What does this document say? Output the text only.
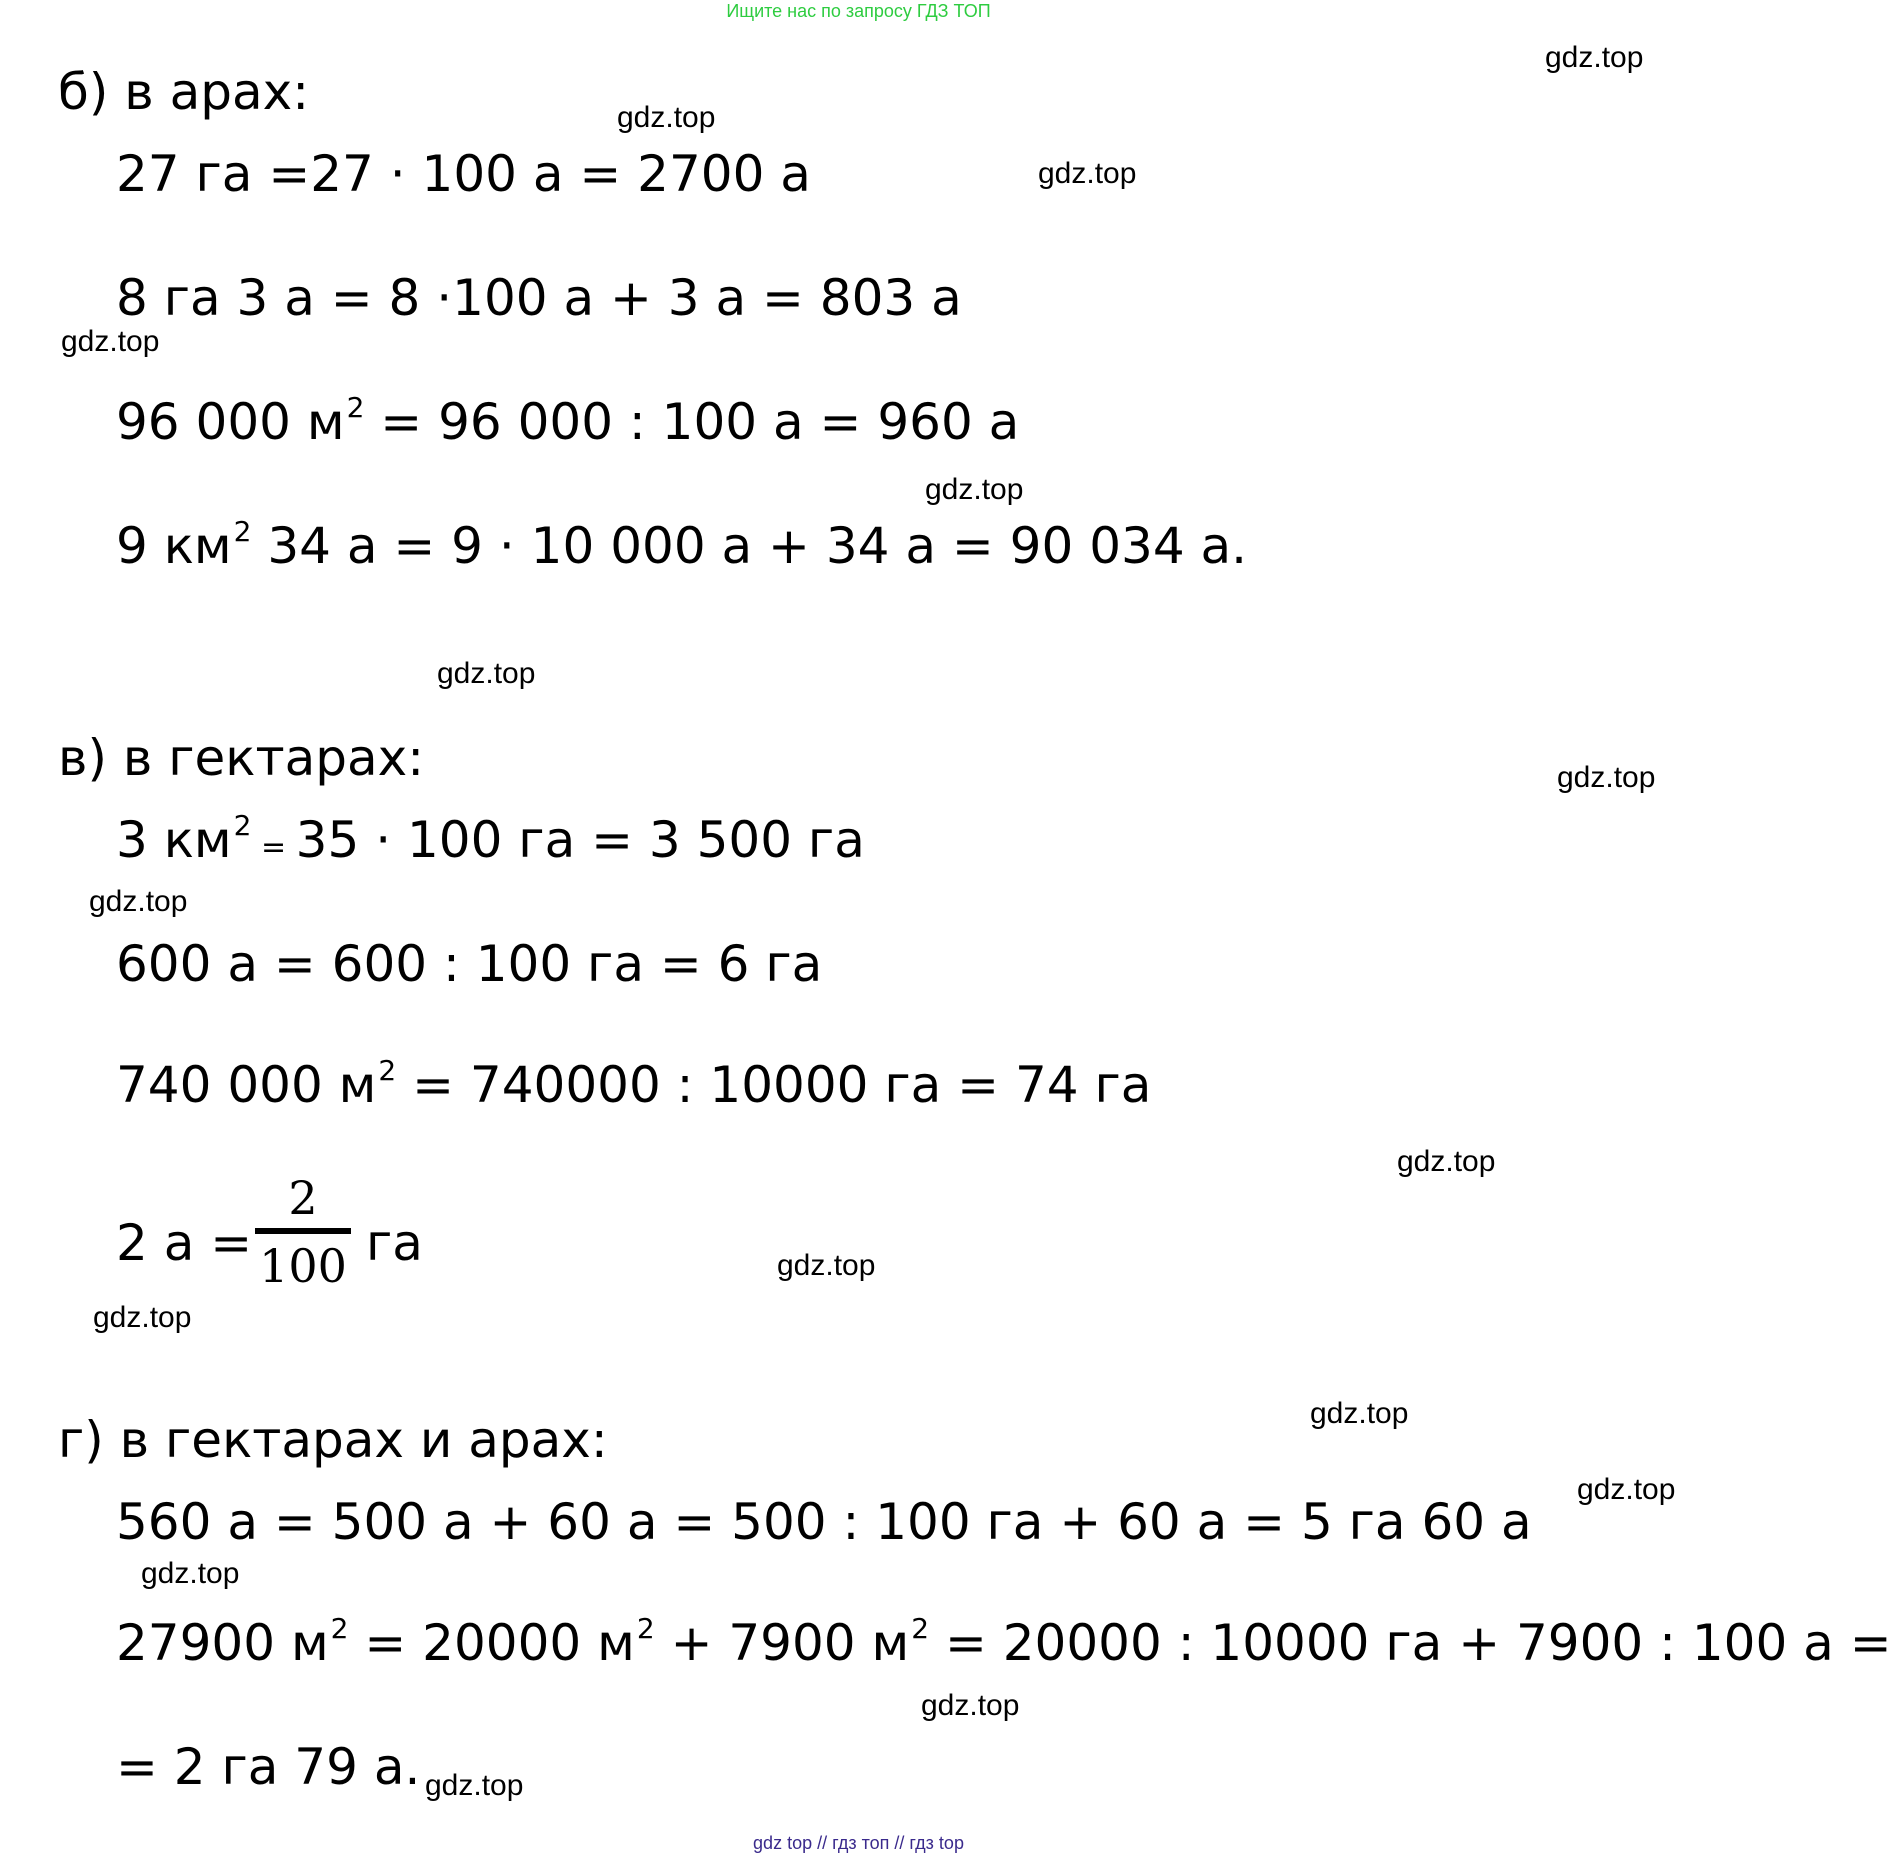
Ищите нас по запросу ГДЗ ТОП
б) в арах:
27 га =27 · 100 а = 2700 а
8 га 3 а = 8 ·100 а + 3 а = 803 а
96 000 $м^2 = 96$ 000 : 100 а = 960 а
9 $км^2$ 34 а = 9 · 10 000 а + 34 а = 90 034 а.
в) в гектарах:
3 $км^2 = 35 \cdot 100$ га = 3 500 га
600 а = 600 : 100 га = 6 га
740 000 $м^2 = 740000$ : 10000 га = 74 га
2 а =
2
100 га
г) в гектарах и арах:
560 а = 500 а + 60 а = 500 : 100 га + 60 а = 5 га 60 а
27900 $м^2 = 20000$ $м^2 + 7900$ $м^2 = 20000$ : 10000 га + 7900 : 100 а =
= 2 га 79 а.
gdz.top
gdz.top
gdz.top
gdz.top
gdz.top
gdz.top
gdz.top
gdz.top
gdz.top
gdz.top
gdz.top
gdz.top
gdz.top
gdz.top
gdz.top
gdz.top
gdz top // гдз топ // гдз top
